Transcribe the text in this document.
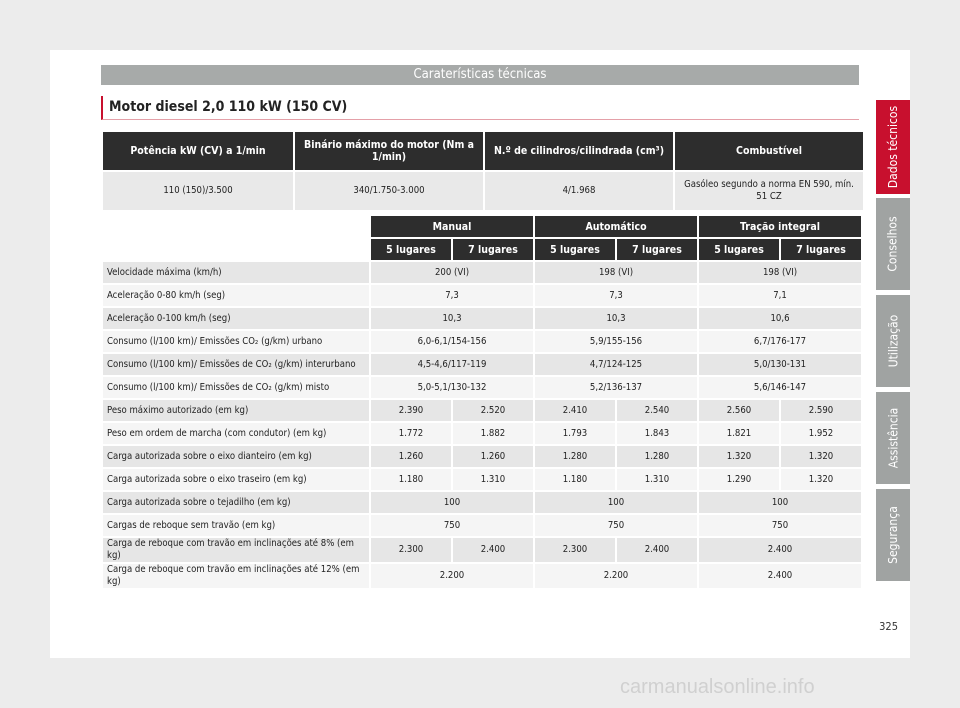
Caraterísticas técnicas
Motor diesel 2,0 110 kW (150 CV)
Potência kW (CV) a 1/min	Binário máximo do motor (Nm a 1/min)	N.º de cilindros/cilindrada (cm³)	Combustível
110 (150)/3.500	340/1.750-3.000	4/1.968	Gasóleo segundo a norma EN 590, mín. 51 CZ
	Manual		Automático		Tração integral	
	5 lugares	7 lugares	5 lugares	7 lugares	5 lugares	7 lugares
Velocidade máxima (km/h)	200 (VI)		198 (VI)		198 (VI)	
Aceleração 0-80 km/h (seg)	7,3		7,3		7,1	
Aceleração 0-100 km/h (seg)	10,3		10,3		10,6	
Consumo (l/100 km)/ Emissões CO₂ (g/km) urbano	6,0-6,1/154-156		5,9/155-156		6,7/176-177	
Consumo (l/100 km)/ Emissões de CO₂ (g/km) interurbano	4,5-4,6/117-119		4,7/124-125		5,0/130-131	
Consumo (l/100 km)/ Emissões de CO₂ (g/km) misto	5,0-5,1/130-132		5,2/136-137		5,6/146-147	
Peso máximo autorizado (em kg)	2.390	2.520	2.410	2.540	2.560	2.590
Peso em ordem de marcha (com condutor) (em kg)	1.772	1.882	1.793	1.843	1.821	1.952
Carga autorizada sobre o eixo dianteiro (em kg)	1.260	1.260	1.280	1.280	1.320	1.320
Carga autorizada sobre o eixo traseiro (em kg)	1.180	1.310	1.180	1.310	1.290	1.320
Carga autorizada sobre o tejadilho (em kg)	100		100		100	
Cargas de reboque sem travão (em kg)	750		750		750	
Carga de reboque com travão em inclinações até 8% (em kg)	2.300	2.400	2.300	2.400	2.400	
Carga de reboque com travão em inclinações até 12% (em kg)	2.200		2.200		2.400	
Dados técnicos
Conselhos
Utilização
Assistência
Segurança
325
carmanualsonline.info
